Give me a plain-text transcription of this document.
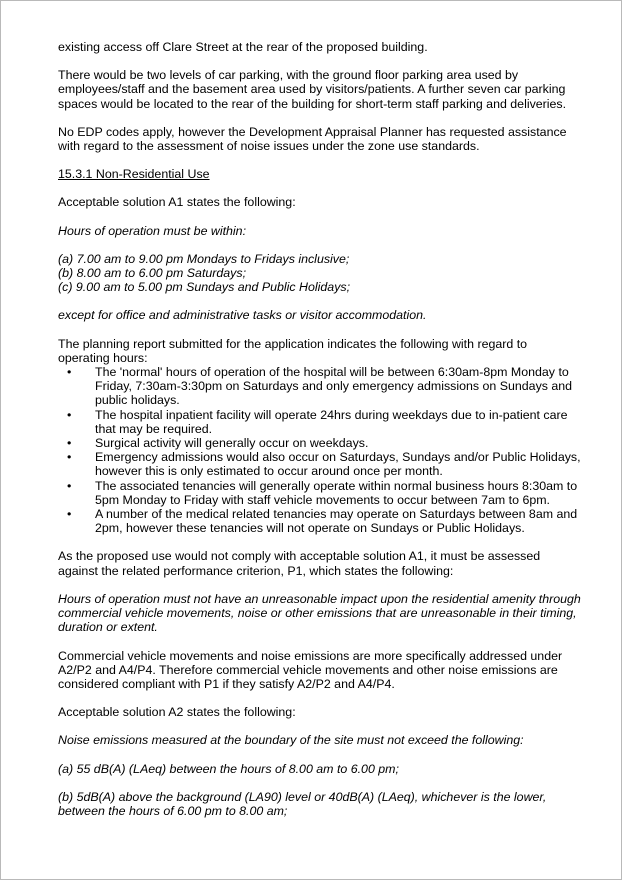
existing access off Clare Street at the rear of the proposed building.

There would be two levels of car parking, with the ground floor parking area used by employees/staff and the basement area used by visitors/patients. A further seven car parking spaces would be located to the rear of the building for short-term staff parking and deliveries.

No EDP codes apply, however the Development Appraisal Planner has requested assistance with regard to the assessment of noise issues under the zone use standards.

15.3.1 Non-Residential Use

Acceptable solution A1 states the following:

Hours of operation must be within:

(a) 7.00 am to 9.00 pm Mondays to Fridays inclusive;
(b) 8.00 am to 6.00 pm Saturdays;
(c) 9.00 am to 5.00 pm Sundays and Public Holidays;

except for office and administrative tasks or visitor accommodation.

The planning report submitted for the application indicates the following with regard to operating hours:

• The 'normal' hours of operation of the hospital will be between 6:30am-8pm Monday to Friday, 7:30am-3:30pm on Saturdays and only emergency admissions on Sundays and public holidays.
• The hospital inpatient facility will operate 24hrs during weekdays due to in-patient care that may be required.
• Surgical activity will generally occur on weekdays.
• Emergency admissions would also occur on Saturdays, Sundays and/or Public Holidays, however this is only estimated to occur around once per month.
• The associated tenancies will generally operate within normal business hours 8:30am to 5pm Monday to Friday with staff vehicle movements to occur between 7am to 6pm.
• A number of the medical related tenancies may operate on Saturdays between 8am and 2pm, however these tenancies will not operate on Sundays or Public Holidays.

As the proposed use would not comply with acceptable solution A1, it must be assessed against the related performance criterion, P1, which states the following:

Hours of operation must not have an unreasonable impact upon the residential amenity through commercial vehicle movements, noise or other emissions that are unreasonable in their timing, duration or extent.

Commercial vehicle movements and noise emissions are more specifically addressed under A2/P2 and A4/P4. Therefore commercial vehicle movements and other noise emissions are considered compliant with P1 if they satisfy A2/P2 and A4/P4.

Acceptable solution A2 states the following:

Noise emissions measured at the boundary of the site must not exceed the following:

(a) 55 dB(A) (LAeq) between the hours of 8.00 am to 6.00 pm;

(b) 5dB(A) above the background (LA90) level or 40dB(A) (LAeq), whichever is the lower, between the hours of 6.00 pm to 8.00 am;
